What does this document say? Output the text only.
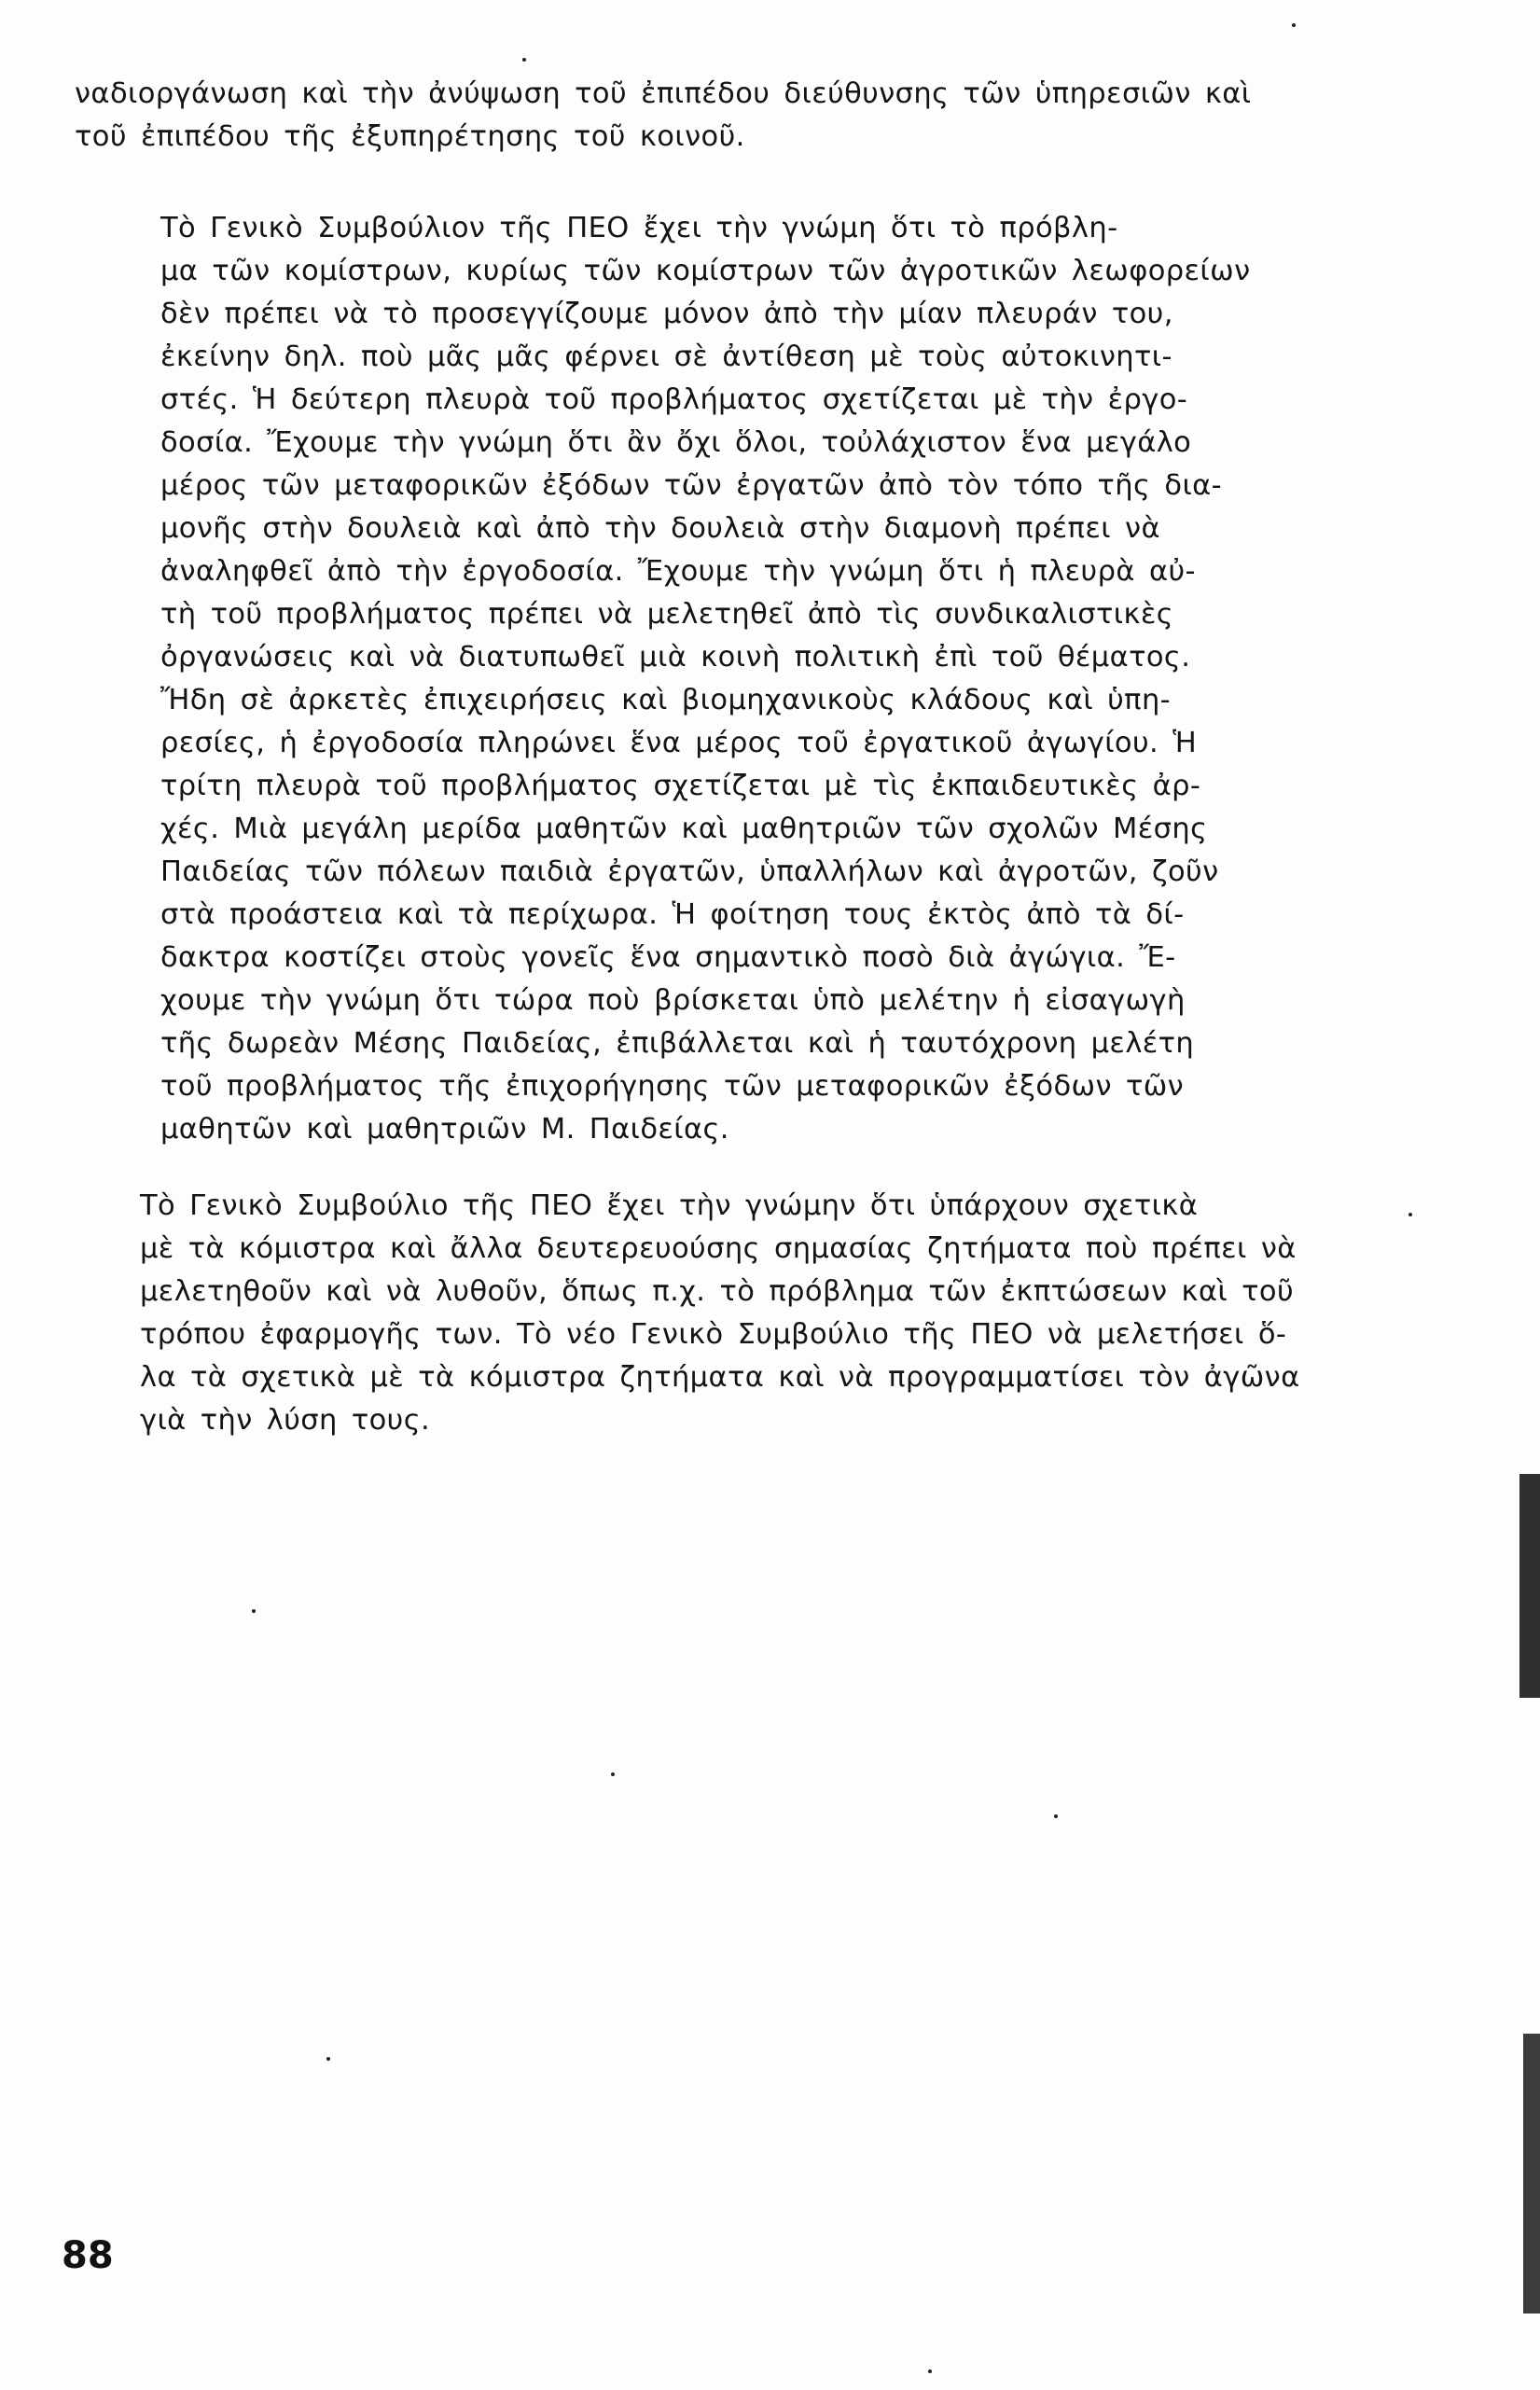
ναδιοργάνωση καὶ τὴν ἀνύψωση τοῦ ἐπιπέδου διεύθυνσης τῶν ὑπηρεσιῶν καὶ
τοῦ ἐπιπέδου τῆς ἐξυπηρέτησης τοῦ κοινοῦ.
Τὸ Γενικὸ Συμβούλιον τῆς ΠΕΟ ἔχει τὴν γνώμη ὅτι τὸ πρόβλη-
μα τῶν κομίστρων, κυρίως τῶν κομίστρων τῶν ἀγροτικῶν λεωφορείων
δὲν πρέπει νὰ τὸ προσεγγίζουμε μόνον ἀπὸ τὴν μίαν πλευράν του,
ἐκείνην δηλ. ποὺ μᾶς μᾶς φέρνει σὲ ἀντίθεση μὲ τοὺς αὐτοκινητι-
στές. Ἡ δεύτερη πλευρὰ τοῦ προβλήματος σχετίζεται μὲ τὴν ἐργο-
δοσία. Ἔχουμε τὴν γνώμη ὅτι ἂν ὄχι ὅλοι, τοὐλάχιστον ἕνα μεγάλο
μέρος τῶν μεταφορικῶν ἐξόδων τῶν ἐργατῶν ἀπὸ τὸν τόπο τῆς δια-
μονῆς στὴν δουλειὰ καὶ ἀπὸ τὴν δουλειὰ στὴν διαμονὴ πρέπει νὰ
ἀναληφθεῖ ἀπὸ τὴν ἐργοδοσία. Ἔχουμε τὴν γνώμη ὅτι ἡ πλευρὰ αὐ-
τὴ τοῦ προβλήματος πρέπει νὰ μελετηθεῖ ἀπὸ τὶς συνδικαλιστικὲς
ὀργανώσεις καὶ νὰ διατυπωθεῖ μιὰ κοινὴ πολιτικὴ ἐπὶ τοῦ θέματος.
Ἤδη σὲ ἀρκετὲς ἐπιχειρήσεις καὶ βιομηχανικοὺς κλάδους καὶ ὑπη-
ρεσίες, ἡ ἐργοδοσία πληρώνει ἕνα μέρος τοῦ ἐργατικοῦ ἀγωγίου. Ἡ
τρίτη πλευρὰ τοῦ προβλήματος σχετίζεται μὲ τὶς ἐκπαιδευτικὲς ἀρ-
χές. Μιὰ μεγάλη μερίδα μαθητῶν καὶ μαθητριῶν τῶν σχολῶν Μέσης
Παιδείας τῶν πόλεων παιδιὰ ἐργατῶν, ὑπαλλήλων καὶ ἀγροτῶν, ζοῦν
στὰ προάστεια καὶ τὰ περίχωρα. Ἡ φοίτηση τους ἐκτὸς ἀπὸ τὰ δί-
δακτρα κοστίζει στοὺς γονεῖς ἕνα σημαντικὸ ποσὸ διὰ ἀγώγια. Ἔ-
χουμε τὴν γνώμη ὅτι τώρα ποὺ βρίσκεται ὑπὸ μελέτην ἡ εἰσαγωγὴ
τῆς δωρεὰν Μέσης Παιδείας, ἐπιβάλλεται καὶ ἡ ταυτόχρονη μελέτη
τοῦ προβλήματος τῆς ἐπιχορήγησης τῶν μεταφορικῶν ἐξόδων τῶν
μαθητῶν καὶ μαθητριῶν Μ. Παιδείας.
Τὸ Γενικὸ Συμβούλιο τῆς ΠΕΟ ἔχει τὴν γνώμην ὅτι ὑπάρχουν σχετικὰ
μὲ τὰ κόμιστρα καὶ ἄλλα δευτερευούσης σημασίας ζητήματα ποὺ πρέπει νὰ
μελετηθοῦν καὶ νὰ λυθοῦν, ὅπως π.χ. τὸ πρόβλημα τῶν ἐκπτώσεων καὶ τοῦ
τρόπου ἐφαρμογῆς των. Τὸ νέο Γενικὸ Συμβούλιο τῆς ΠΕΟ νὰ μελετήσει ὅ-
λα τὰ σχετικὰ μὲ τὰ κόμιστρα ζητήματα καὶ νὰ προγραμματίσει τὸν ἀγῶνα
γιὰ τὴν λύση τους.
88
